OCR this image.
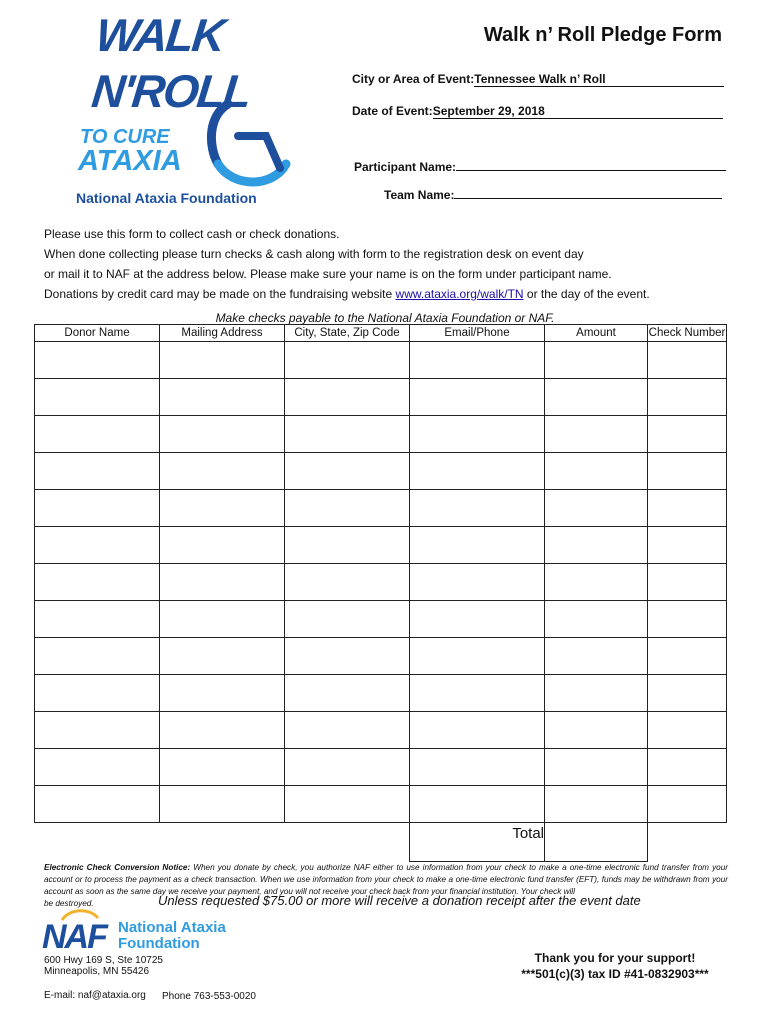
WALK
N'ROLL
TO CURE
ATAXIA
National Ataxia Foundation
Walk n’ Roll Pledge Form
City or Area of Event:Tennessee Walk n’ Roll
Date of Event:September 29, 2018
Participant Name:
Team Name:
Please use this form to collect cash or check donations.
When done collecting please turn checks & cash along with form to the registration desk on event day
or mail it to NAF at the address below. Please make sure your name is on the form under participant name.
Donations by credit card may be made on the fundraising website www.ataxia.org/walk/TN or the day of the event.
Make checks payable to the National Ataxia Foundation or NAF.
Donor Name	Mailing Address	City, State, Zip Code	Email/Phone	Amount	Check Number

			Total		
Electronic Check Conversion Notice: When you donate by check, you authorize NAF either to use information from your check to make a one-time electronic fund transfer from your account or to process the payment as a check transaction. When we use information from your check to make a one-time electronic fund transfer (EFT), funds may be withdrawn from your account as soon as the same day we receive your payment, and you will not receive your check back from your financial institution. Your check will
be destroyed.	Unless requested $75.00 or more will receive a donation receipt after the event date
NAF National Ataxia
Foundation
600 Hwy 169 S, Ste 10725
Minneapolis, MN 55426
E-mail: naf@ataxia.org Phone 763-553-0020
Thank you for your support!
***501(c)(3) tax ID #41-0832903***
